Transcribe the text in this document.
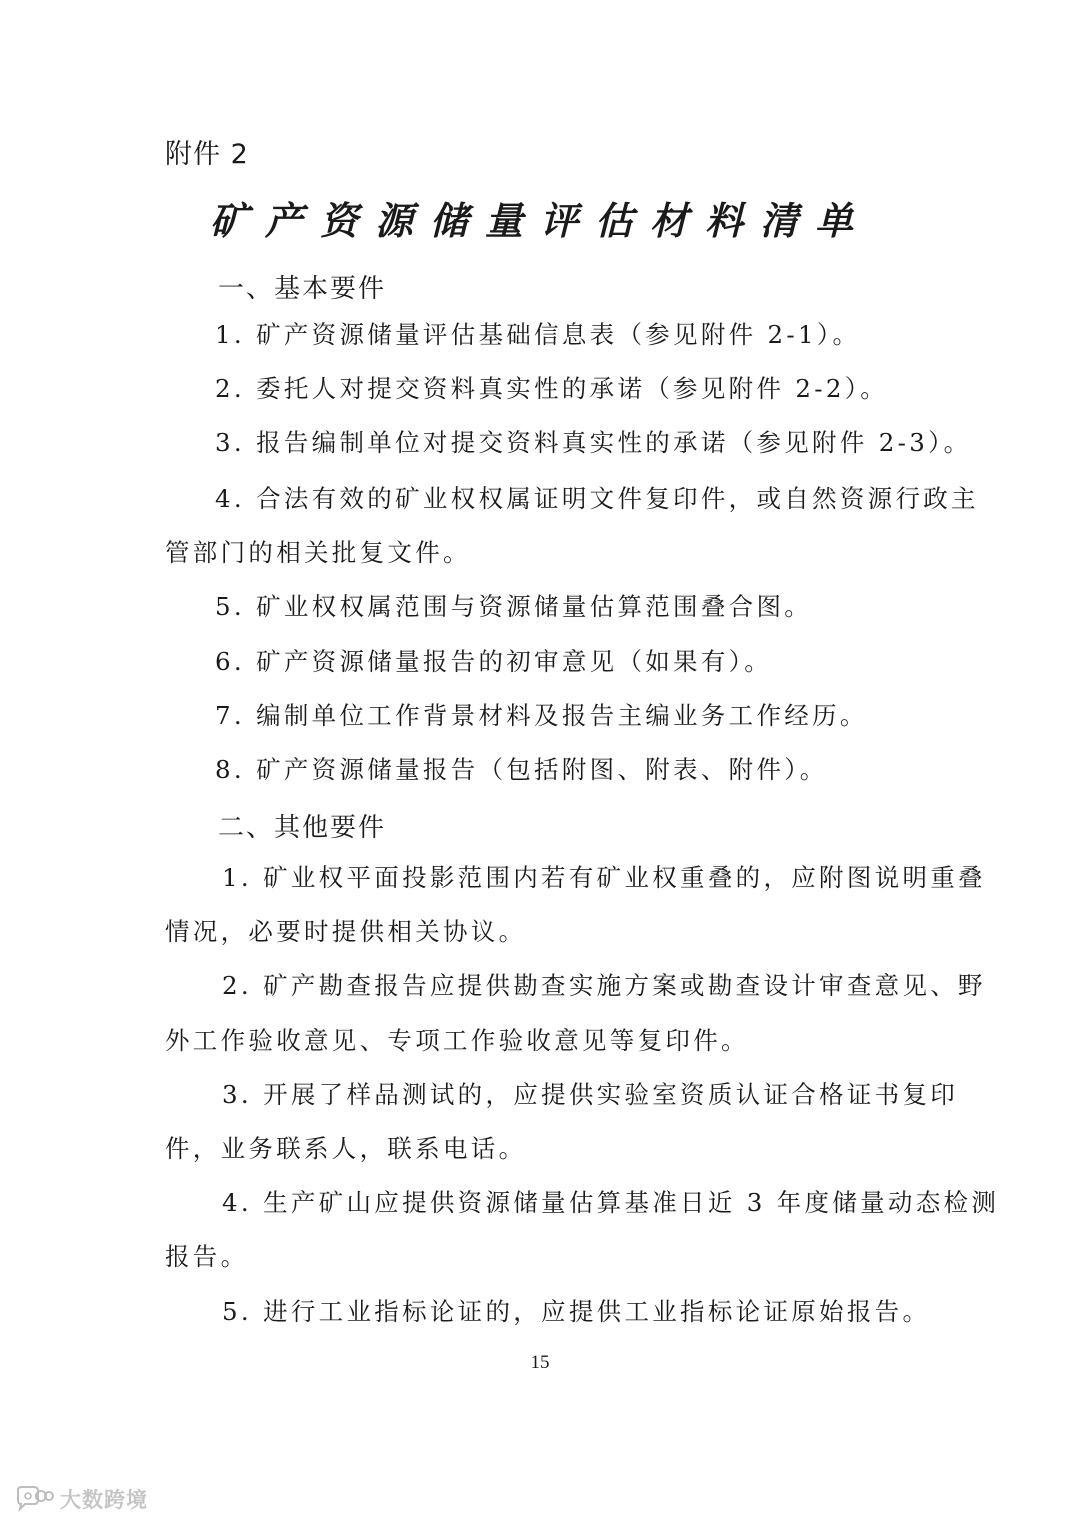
附件 2
矿产资源储量评估材料清单
一、基本要件
1. 矿产资源储量评估基础信息表（参见附件 2-1）。
2. 委托人对提交资料真实性的承诺（参见附件 2-2）。
3. 报告编制单位对提交资料真实性的承诺（参见附件 2-3）。
4. 合法有效的矿业权权属证明文件复印件，或自然资源行政主
管部门的相关批复文件。
5. 矿业权权属范围与资源储量估算范围叠合图。
6. 矿产资源储量报告的初审意见（如果有）。
7. 编制单位工作背景材料及报告主编业务工作经历。
8. 矿产资源储量报告（包括附图、附表、附件）。
二、其他要件
1. 矿业权平面投影范围内若有矿业权重叠的，应附图说明重叠
情况，必要时提供相关协议。
2. 矿产勘查报告应提供勘查实施方案或勘查设计审查意见、野
外工作验收意见、专项工作验收意见等复印件。
3. 开展了样品测试的，应提供实验室资质认证合格证书复印
件，业务联系人，联系电话。
4. 生产矿山应提供资源储量估算基准日近 3 年度储量动态检测
报告。
5. 进行工业指标论证的，应提供工业指标论证原始报告。
15
大数跨境
